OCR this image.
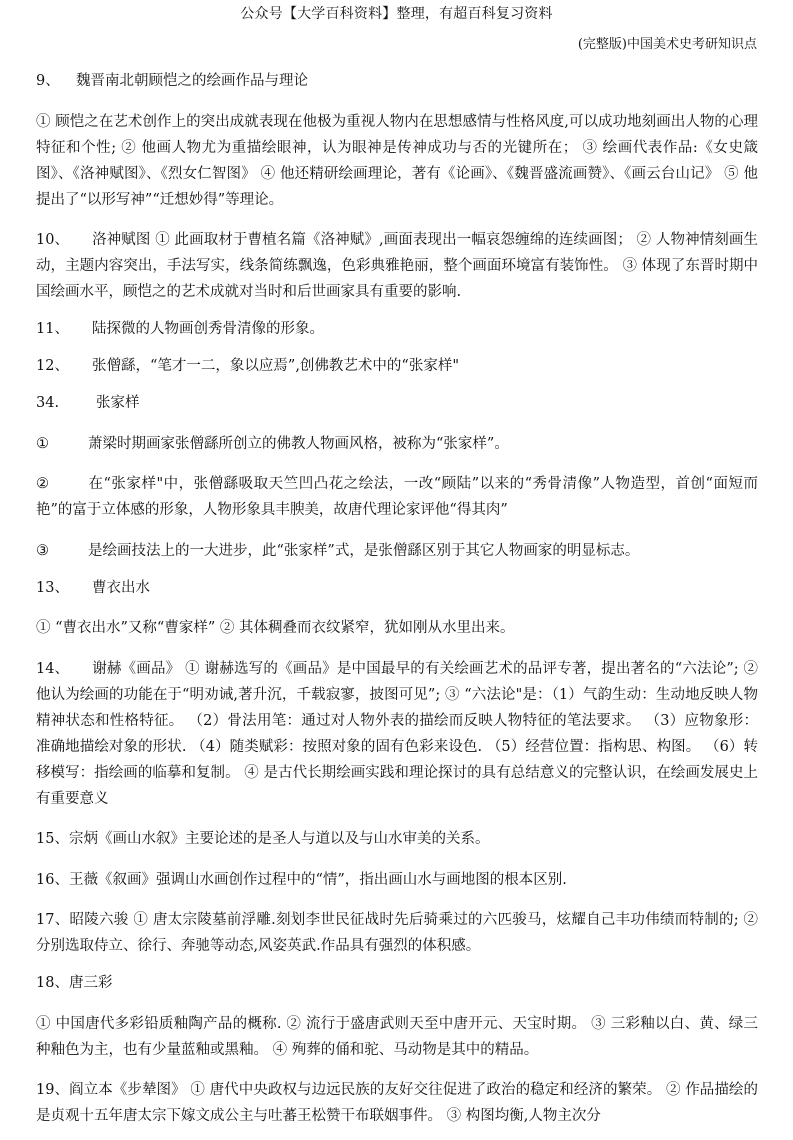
公众号【大学百科资料】整理，有超百科复习资料
(完整版)中国美术史考研知识点
9、 魏晋南北朝顾恺之的绘画作品与理论

① 顾恺之在艺术创作上的突出成就表现在他极为重视人物内在思想感情与性格风度,可以成功地刻画出人物的心理特征和个性; ② 他画人物尤为重描绘眼神，认为眼神是传神成功与否的光键所在； ③ 绘画代表作品:《女史箴图》、《洛神赋图》、《烈女仁智图》 ④ 他还精研绘画理论，著有《论画》、《魏晋盛流画赞》、《画云台山记》 ⑤ 他提出了“以形写神”“迁想妙得”等理论。

10、 洛神赋图 ① 此画取材于曹植名篇《洛神赋》,画面表现出一幅哀怨缠绵的连续画图； ② 人物神情刻画生动，主题内容突出，手法写实，线条简练飘逸，色彩典雅艳丽，整个画面环境富有装饰性。 ③ 体现了东晋时期中国绘画水平，顾恺之的艺术成就对当时和后世画家具有重要的影响.

11、 陆探微的人物画创秀骨清像的形象。
12、 张僧繇，“笔才一二，象以应焉”,创佛教艺术中的“张家样"
34.	张家样

①	萧梁时期画家张僧繇所创立的佛教人物画风格，被称为“张家样”。

②	在“张家样"中，张僧繇吸取天竺凹凸花之绘法，一改“顾陆”以来的“秀骨清像”人物造型，首创“面短而艳”的富于立体感的形象，人物形象具丰腴美，故唐代理论家评他“得其肉”

③	是绘画技法上的一大进步，此“张家样”式，是张僧繇区别于其它人物画家的明显标志。

13、 曹衣出水

① “曹衣出水”又称“曹家样” ② 其体稠叠而衣纹紧窄，犹如刚从水里出来。

14、 谢赫《画品》 ① 谢赫选写的《画品》是中国最早的有关绘画艺术的品评专著，提出著名的“六法论”; ② 他认为绘画的功能在于“明劝诫,著升沉，千载寂寥，披图可见”; ③ “六法论"是：（1）气韵生动：生动地反映人物精神状态和性格特征。 （2）骨法用笔：通过对人物外表的描绘而反映人物特征的笔法要求。 （3）应物象形：准确地描绘对象的形状. （4）随类赋彩：按照对象的固有色彩来设色. （5）经营位置：指构思、构图。 （6）转移模写：指绘画的临摹和复制。 ④ 是古代长期绘画实践和理论探讨的具有总结意义的完整认识，在绘画发展史上有重要意义

15、宗炳《画山水叙》主要论述的是圣人与道以及与山水审美的关系。

16、王薇《叙画》强调山水画创作过程中的“情”，指出画山水与画地图的根本区别.

17、昭陵六骏 ① 唐太宗陵墓前浮雕.刻划李世民征战时先后骑乘过的六匹骏马，炫耀自己丰功伟绩而特制的; ② 分别选取侍立、徐行、奔驰等动态,风姿英武.作品具有强烈的体积感。

18、唐三彩

① 中国唐代多彩铅质釉陶产品的概称. ② 流行于盛唐武则天至中唐开元、天宝时期。 ③ 三彩釉以白、黄、绿三种釉色为主，也有少量蓝釉或黑釉。 ④ 殉葬的俑和驼、马动物是其中的精品。

19、阎立本《步辇图》 ① 唐代中央政权与边远民族的友好交往促进了政治的稳定和经济的繁荣。 ② 作品描绘的是贞观十五年唐太宗下嫁文成公主与吐蕃王松赞干布联姻事件。 ③ 构图均衡,人物主次分
